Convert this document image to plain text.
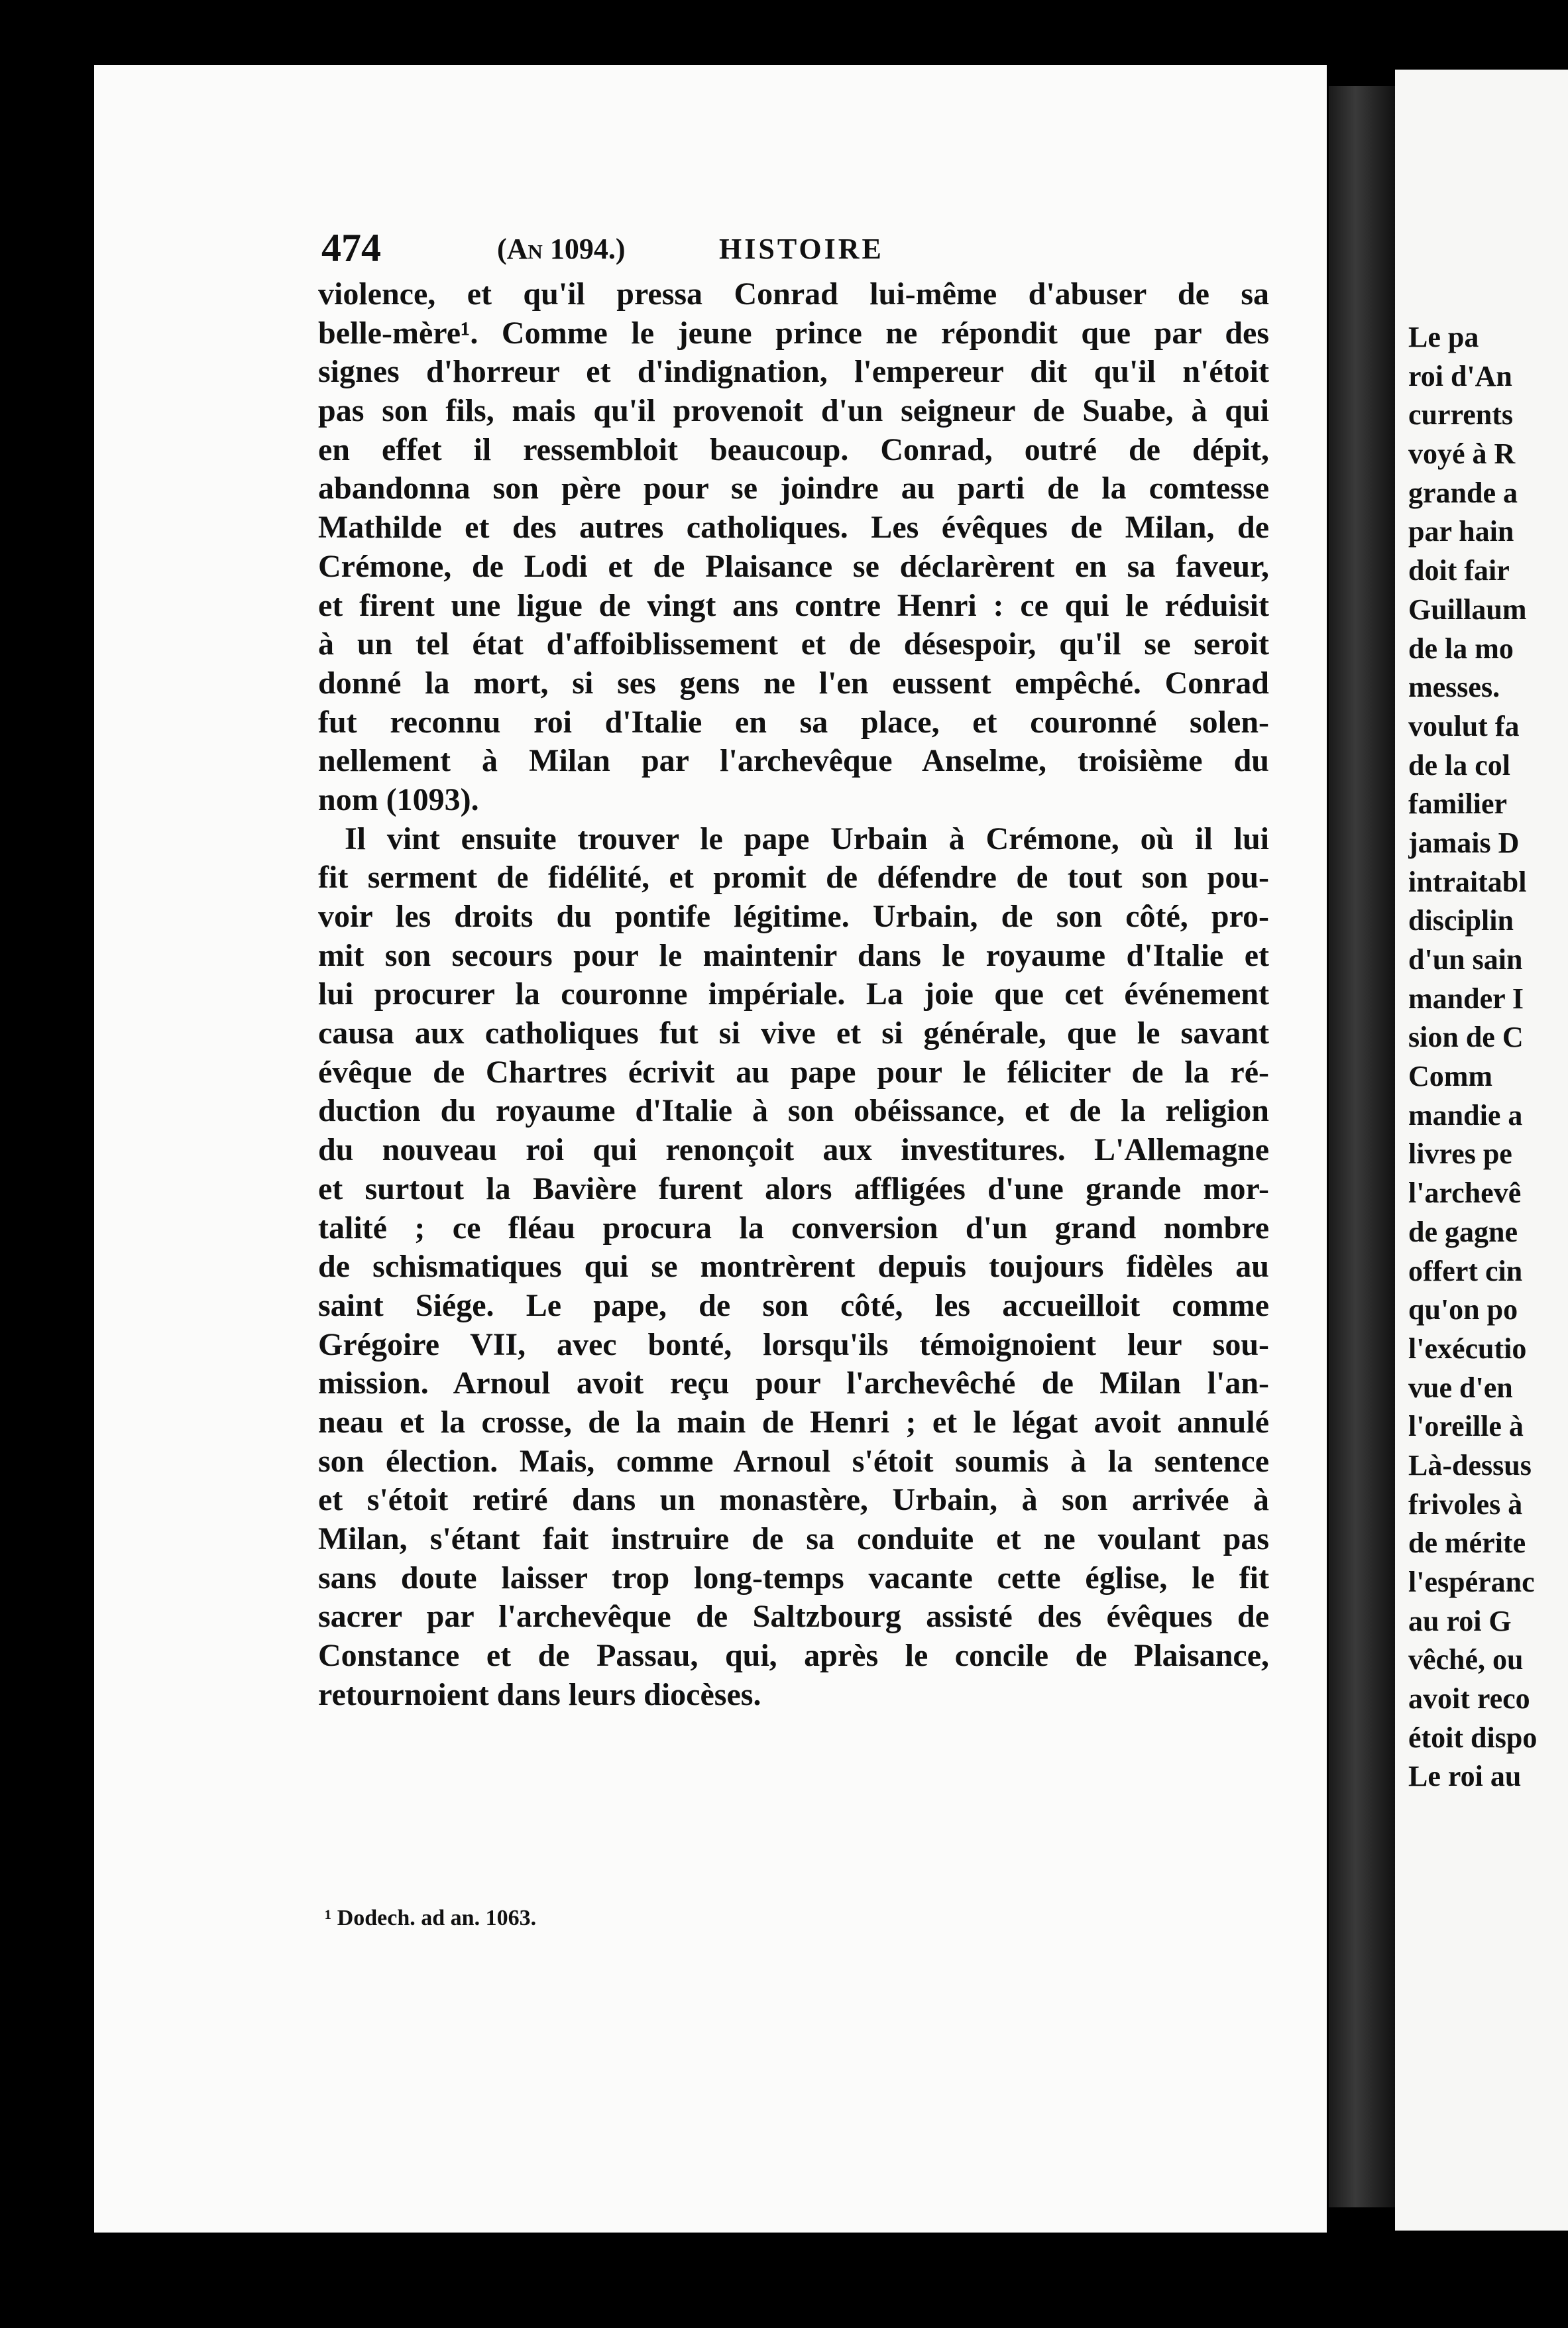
474	(An 1094.)	HISTOIRE
violence, et qu'il pressa Conrad lui-même d'abuser de sa
belle-mère¹. Comme le jeune prince ne répondit que par des
signes d'horreur et d'indignation, l'empereur dit qu'il n'étoit
pas son fils, mais qu'il provenoit d'un seigneur de Suabe, à qui
en effet il ressembloit beaucoup. Conrad, outré de dépit,
abandonna son père pour se joindre au parti de la comtesse
Mathilde et des autres catholiques. Les évêques de Milan, de
Crémone, de Lodi et de Plaisance se déclarèrent en sa faveur,
et firent une ligue de vingt ans contre Henri : ce qui le réduisit
à un tel état d'affoiblissement et de désespoir, qu'il se seroit
donné la mort, si ses gens ne l'en eussent empêché. Conrad
fut reconnu roi d'Italie en sa place, et couronné solen-
nellement à Milan par l'archevêque Anselme, troisième du
nom (1093).
Il vint ensuite trouver le pape Urbain à Crémone, où il lui
fit serment de fidélité, et promit de défendre de tout son pou-
voir les droits du pontife légitime. Urbain, de son côté, pro-
mit son secours pour le maintenir dans le royaume d'Italie et
lui procurer la couronne impériale. La joie que cet événement
causa aux catholiques fut si vive et si générale, que le savant
évêque de Chartres écrivit au pape pour le féliciter de la ré-
duction du royaume d'Italie à son obéissance, et de la religion
du nouveau roi qui renonçoit aux investitures. L'Allemagne
et surtout la Bavière furent alors affligées d'une grande mor-
talité ; ce fléau procura la conversion d'un grand nombre
de schismatiques qui se montrèrent depuis toujours fidèles au
saint Siége. Le pape, de son côté, les accueilloit comme
Grégoire VII, avec bonté, lorsqu'ils témoignoient leur sou-
mission. Arnoul avoit reçu pour l'archevêché de Milan l'an-
neau et la crosse, de la main de Henri ; et le légat avoit annulé
son élection. Mais, comme Arnoul s'étoit soumis à la sentence
et s'étoit retiré dans un monastère, Urbain, à son arrivée à
Milan, s'étant fait instruire de sa conduite et ne voulant pas
sans doute laisser trop long-temps vacante cette église, le fit
sacrer par l'archevêque de Saltzbourg assisté des évêques de
Constance et de Passau, qui, après le concile de Plaisance,
retournoient dans leurs diocèses.
¹ Dodech. ad an. 1063.
Le pa
roi d'An
currents
voyé à R
grande a
par hain
doit fair
Guillaum
de la mo
messes.
voulut fa
de la col
familier
jamais D
intraitabl
disciplin
d'un sain
mander I
sion de C
Comm
mandie a
livres pe
l'archevê
de gagne
offert cin
qu'on po
l'exécutio
vue d'en
l'oreille à
Là-dessus
frivoles à
de mérite
l'espéranc
au roi G
vêché, ou
avoit reco
étoit dispo
Le roi au
